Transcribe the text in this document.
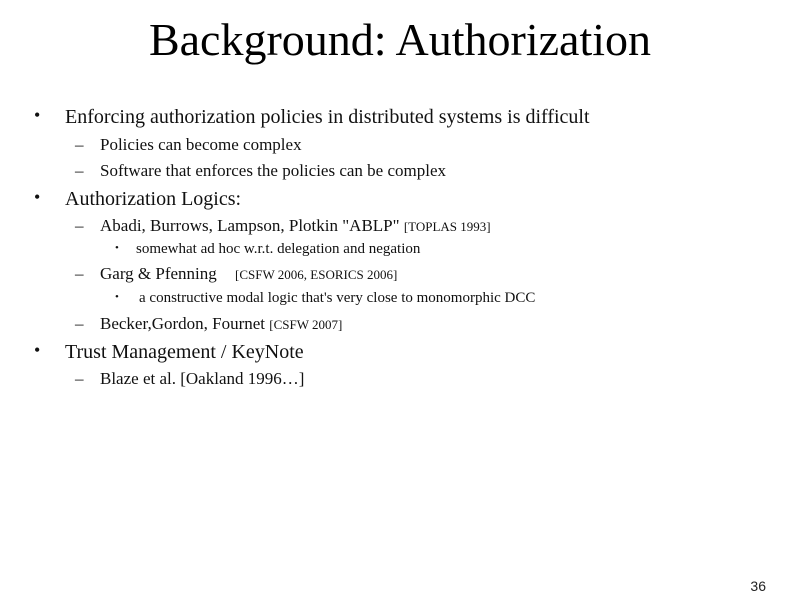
Background: Authorization
• Enforcing authorization policies in distributed systems is difficult
– Policies can become complex
– Software that enforces the policies can be complex
• Authorization Logics:
– Abadi, Burrows, Lampson, Plotkin "ABLP" [TOPLAS 1993]
• somewhat ad hoc w.r.t. delegation and negation
– Garg & Pfenning [CSFW 2006, ESORICS 2006]
• a constructive modal logic that's very close to monomorphic DCC
– Becker,Gordon, Fournet [CSFW 2007]
• Trust Management / KeyNote
– Blaze et al. [Oakland 1996…]
36
